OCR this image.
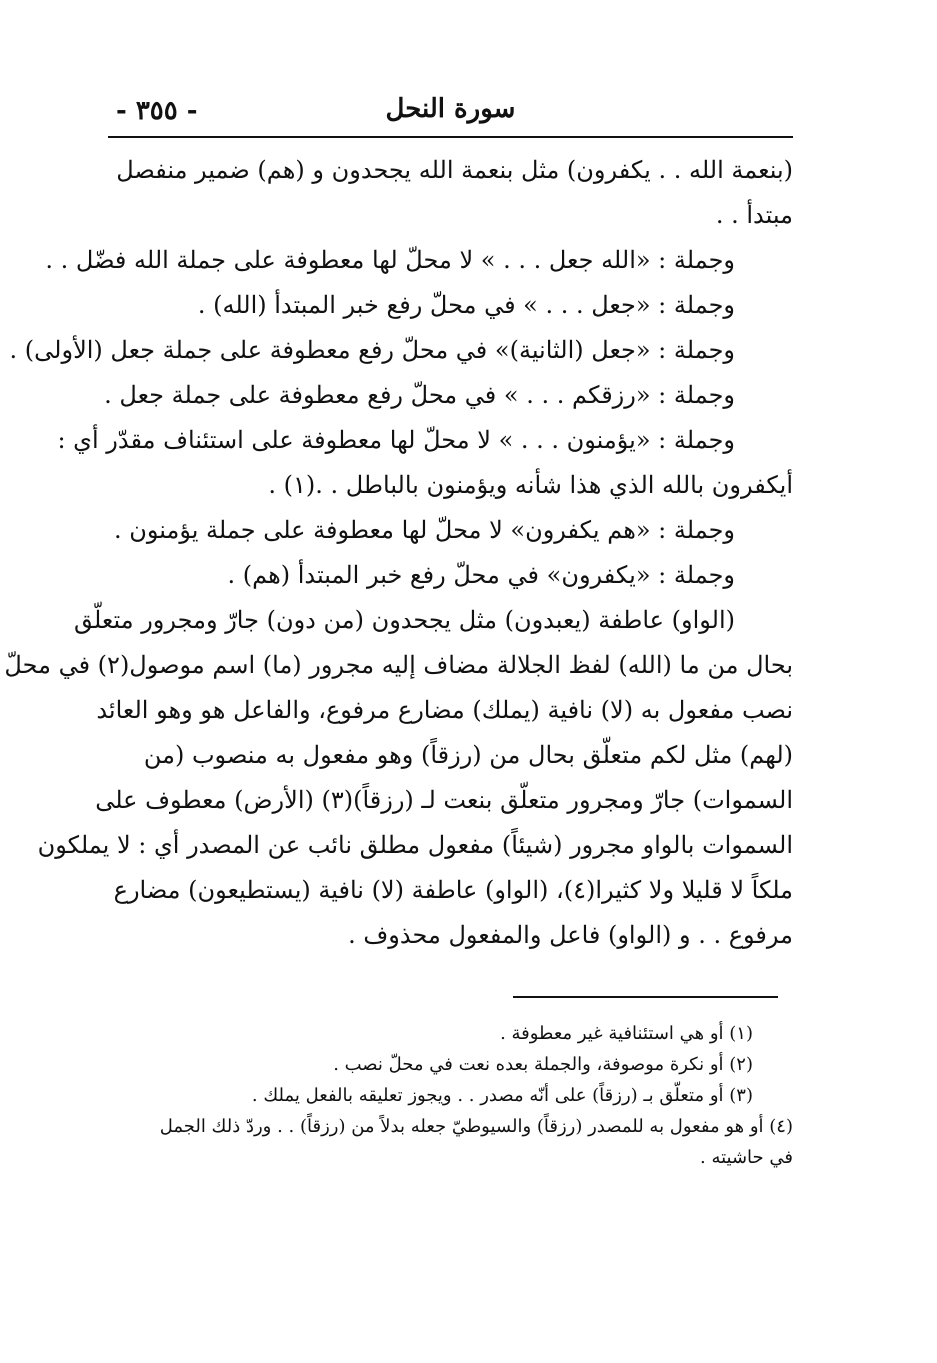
- ٣٥٥ -	سورة النحل
(بنعمة الله . . يكفرون) مثل بنعمة الله يجحدون و (هم) ضمير منفصل
مبتدأ . .
وجملة : «الله جعل . . . » لا محلّ لها معطوفة على جملة الله فضّل . .
وجملة : «جعل . . . » في محلّ رفع خبر المبتدأ (الله) .
وجملة : «جعل (الثانية)» في محلّ رفع معطوفة على جملة جعل (الأولى) .
وجملة : «رزقكم . . . » في محلّ رفع معطوفة على جملة جعل .
وجملة : «يؤمنون . . . » لا محلّ لها معطوفة على استئناف مقدّر أي :
أيكفرون بالله الذي هذا شأنه ويؤمنون بالباطل . .(١) .
وجملة : «هم يكفرون» لا محلّ لها معطوفة على جملة يؤمنون .
وجملة : «يكفرون» في محلّ رفع خبر المبتدأ (هم) .
(الواو) عاطفة (يعبدون) مثل يجحدون (من دون) جارّ ومجرور متعلّق
بحال من ما (الله) لفظ الجلالة مضاف إليه مجرور (ما) اسم موصول(٢) في محلّ
نصب مفعول به (لا) نافية (يملك) مضارع مرفوع، والفاعل هو وهو العائد
(لهم) مثل لكم متعلّق بحال من (رزقاً) وهو مفعول به منصوب (من
السموات) جارّ ومجرور متعلّق بنعت لـ (رزقاً)(٣) (الأرض) معطوف على
السموات بالواو مجرور (شيئاً) مفعول مطلق نائب عن المصدر أي : لا يملكون
ملكاً لا قليلا ولا كثيرا(٤)، (الواو) عاطفة (لا) نافية (يستطيعون) مضارع
مرفوع . . و (الواو) فاعل والمفعول محذوف .
(١) أو هي استئنافية غير معطوفة .
(٢) أو نكرة موصوفة، والجملة بعده نعت في محلّ نصب .
(٣) أو متعلّق بـ (رزقاً) على أنّه مصدر . . ويجوز تعليقه بالفعل يملك .
(٤) أو هو مفعول به للمصدر (رزقاً) والسيوطيّ جعله بدلاً من (رزقاً) . . وردّ ذلك الجمل
في حاشيته .
